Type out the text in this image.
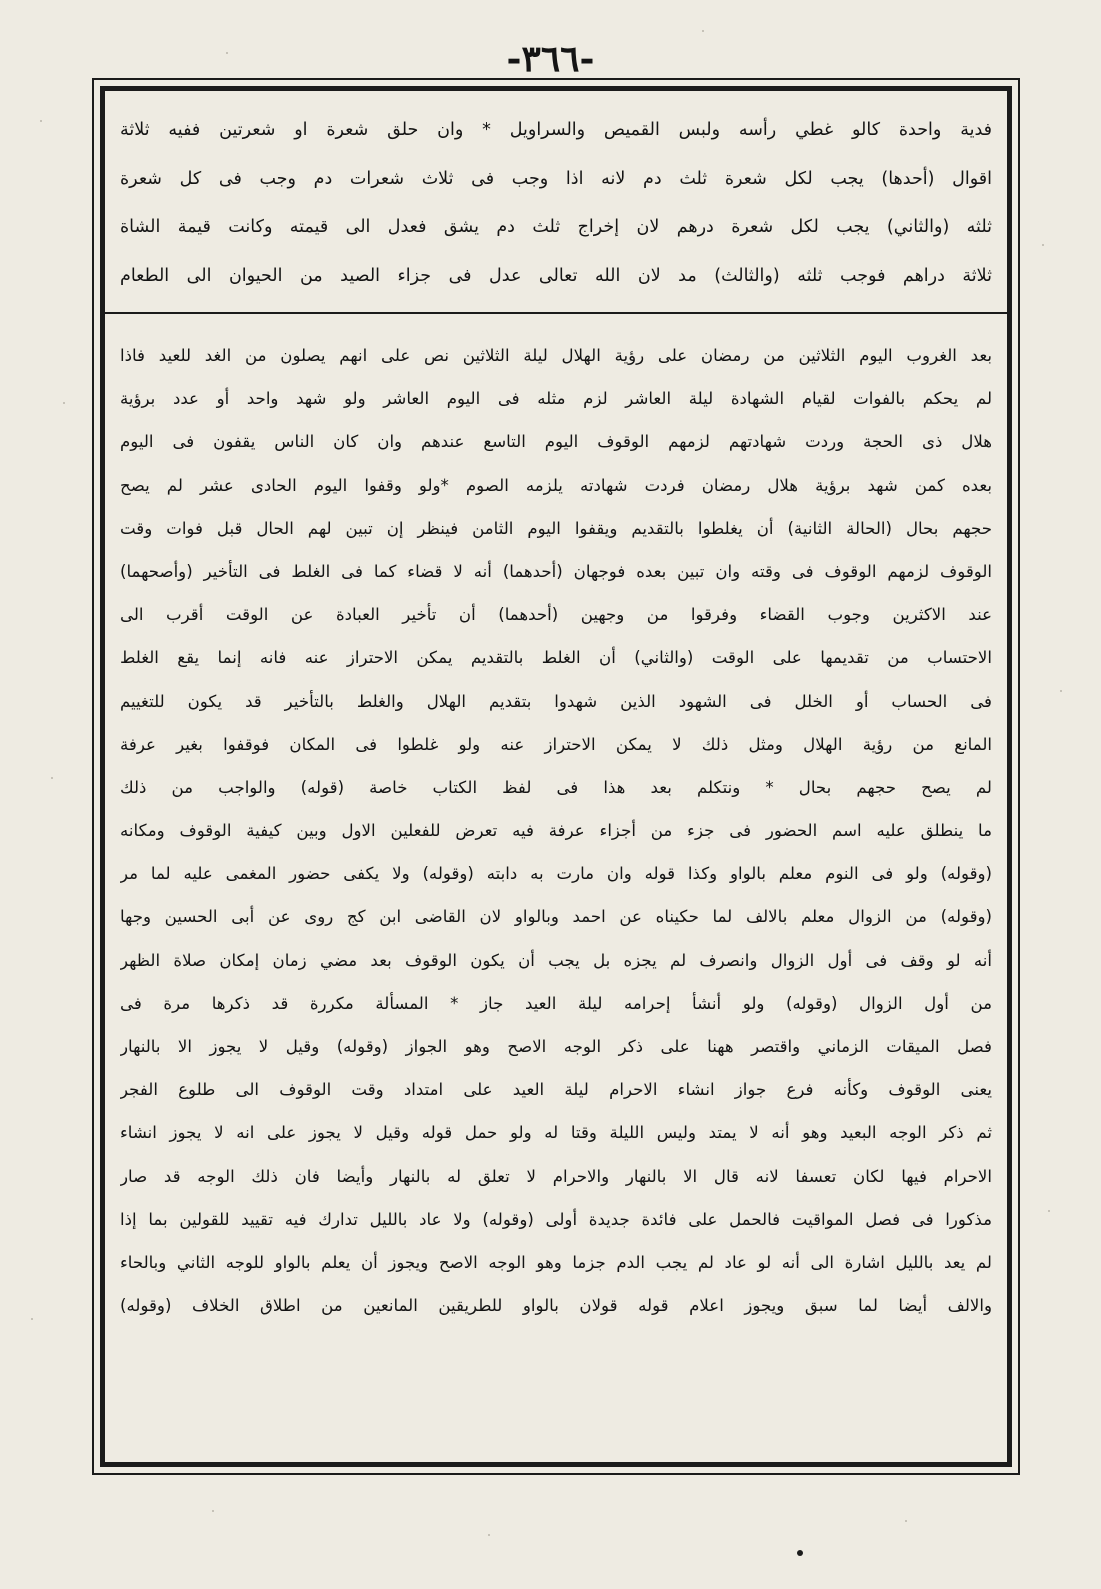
-٣٦٦-
فدية واحدة كالو غطي رأسه ولبس القميص والسراويل * وان حلق شعرة او شعرتين ففيه ثلاثة
اقوال (أحدها) يجب لكل شعرة ثلث دم لانه اذا وجب فى ثلاث شعرات دم وجب فى كل شعرة
ثلثه (والثاني) يجب لكل شعرة درهم لان إخراج ثلث دم يشق فعدل الى قيمته وكانت قيمة الشاة
ثلاثة دراهم فوجب ثلثه (والثالث) مد لان الله تعالى عدل فى جزاء الصيد من الحيوان الى الطعام
بعد الغروب اليوم الثلاثين من رمضان على رؤية الهلال ليلة الثلاثين نص على انهم يصلون من الغد للعيد فاذا
لم يحكم بالفوات لقيام الشهادة ليلة العاشر لزم مثله فى اليوم العاشر ولو شهد واحد أو عدد برؤية
هلال ذى الحجة وردت شهادتهم لزمهم الوقوف اليوم التاسع عندهم وان كان الناس يقفون فى اليوم
بعده كمن شهد برؤية هلال رمضان فردت شهادته يلزمه الصوم *ولو وقفوا اليوم الحادى عشر لم يصح
حجهم بحال (الحالة الثانية) أن يغلطوا بالتقديم ويقفوا اليوم الثامن فينظر إن تبين لهم الحال قبل فوات وقت
الوقوف لزمهم الوقوف فى وقته وان تبين بعده فوجهان (أحدهما) أنه لا قضاء كما فى الغلط فى التأخير (وأصحهما)
عند الاكثرين وجوب القضاء وفرقوا من وجهين (أحدهما) أن تأخير العبادة عن الوقت أقرب الى
الاحتساب من تقديمها على الوقت (والثاني) أن الغلط بالتقديم يمكن الاحتراز عنه فانه إنما يقع الغلط
فى الحساب أو الخلل فى الشهود الذين شهدوا بتقديم الهلال والغلط بالتأخير قد يكون للتغييم
المانع من رؤية الهلال ومثل ذلك لا يمكن الاحتراز عنه ولو غلطوا فى المكان فوقفوا بغير عرفة
لم يصح حجهم بحال * ونتكلم بعد هذا فى لفظ الكتاب خاصة (قوله) والواجب من ذلك
ما ينطلق عليه اسم الحضور فى جزء من أجزاء عرفة فيه تعرض للفعلين الاول وبين كيفية الوقوف ومكانه
(وقوله) ولو فى النوم معلم بالواو وكذا قوله وان مارت به دابته (وقوله) ولا يكفى حضور المغمى عليه لما مر
(وقوله) من الزوال معلم بالالف لما حكيناه عن احمد وبالواو لان القاضى ابن كج روى عن أبى الحسين وجها
أنه لو وقف فى أول الزوال وانصرف لم يجزه بل يجب أن يكون الوقوف بعد مضي زمان إمكان صلاة الظهر
من أول الزوال (وقوله) ولو أنشأ إحرامه ليلة العيد جاز * المسألة مكررة قد ذكرها مرة فى
فصل الميقات الزماني واقتصر ههنا على ذكر الوجه الاصح وهو الجواز (وقوله) وقيل لا يجوز الا بالنهار
يعنى الوقوف وكأنه فرع جواز انشاء الاحرام ليلة العيد على امتداد وقت الوقوف الى طلوع الفجر
ثم ذكر الوجه البعيد وهو أنه لا يمتد وليس الليلة وقتا له ولو حمل قوله وقيل لا يجوز على انه لا يجوز انشاء
الاحرام فيها لكان تعسفا لانه قال الا بالنهار والاحرام لا تعلق له بالنهار وأيضا فان ذلك الوجه قد صار
مذكورا فى فصل المواقيت فالحمل على فائدة جديدة أولى (وقوله) ولا عاد بالليل تدارك فيه تقييد للقولين بما إذا
لم يعد بالليل اشارة الى أنه لو عاد لم يجب الدم جزما وهو الوجه الاصح ويجوز أن يعلم بالواو للوجه الثاني وبالحاء
والالف أيضا لما سبق ويجوز اعلام قوله قولان بالواو للطريقين المانعين من اطلاق الخلاف (وقوله)
